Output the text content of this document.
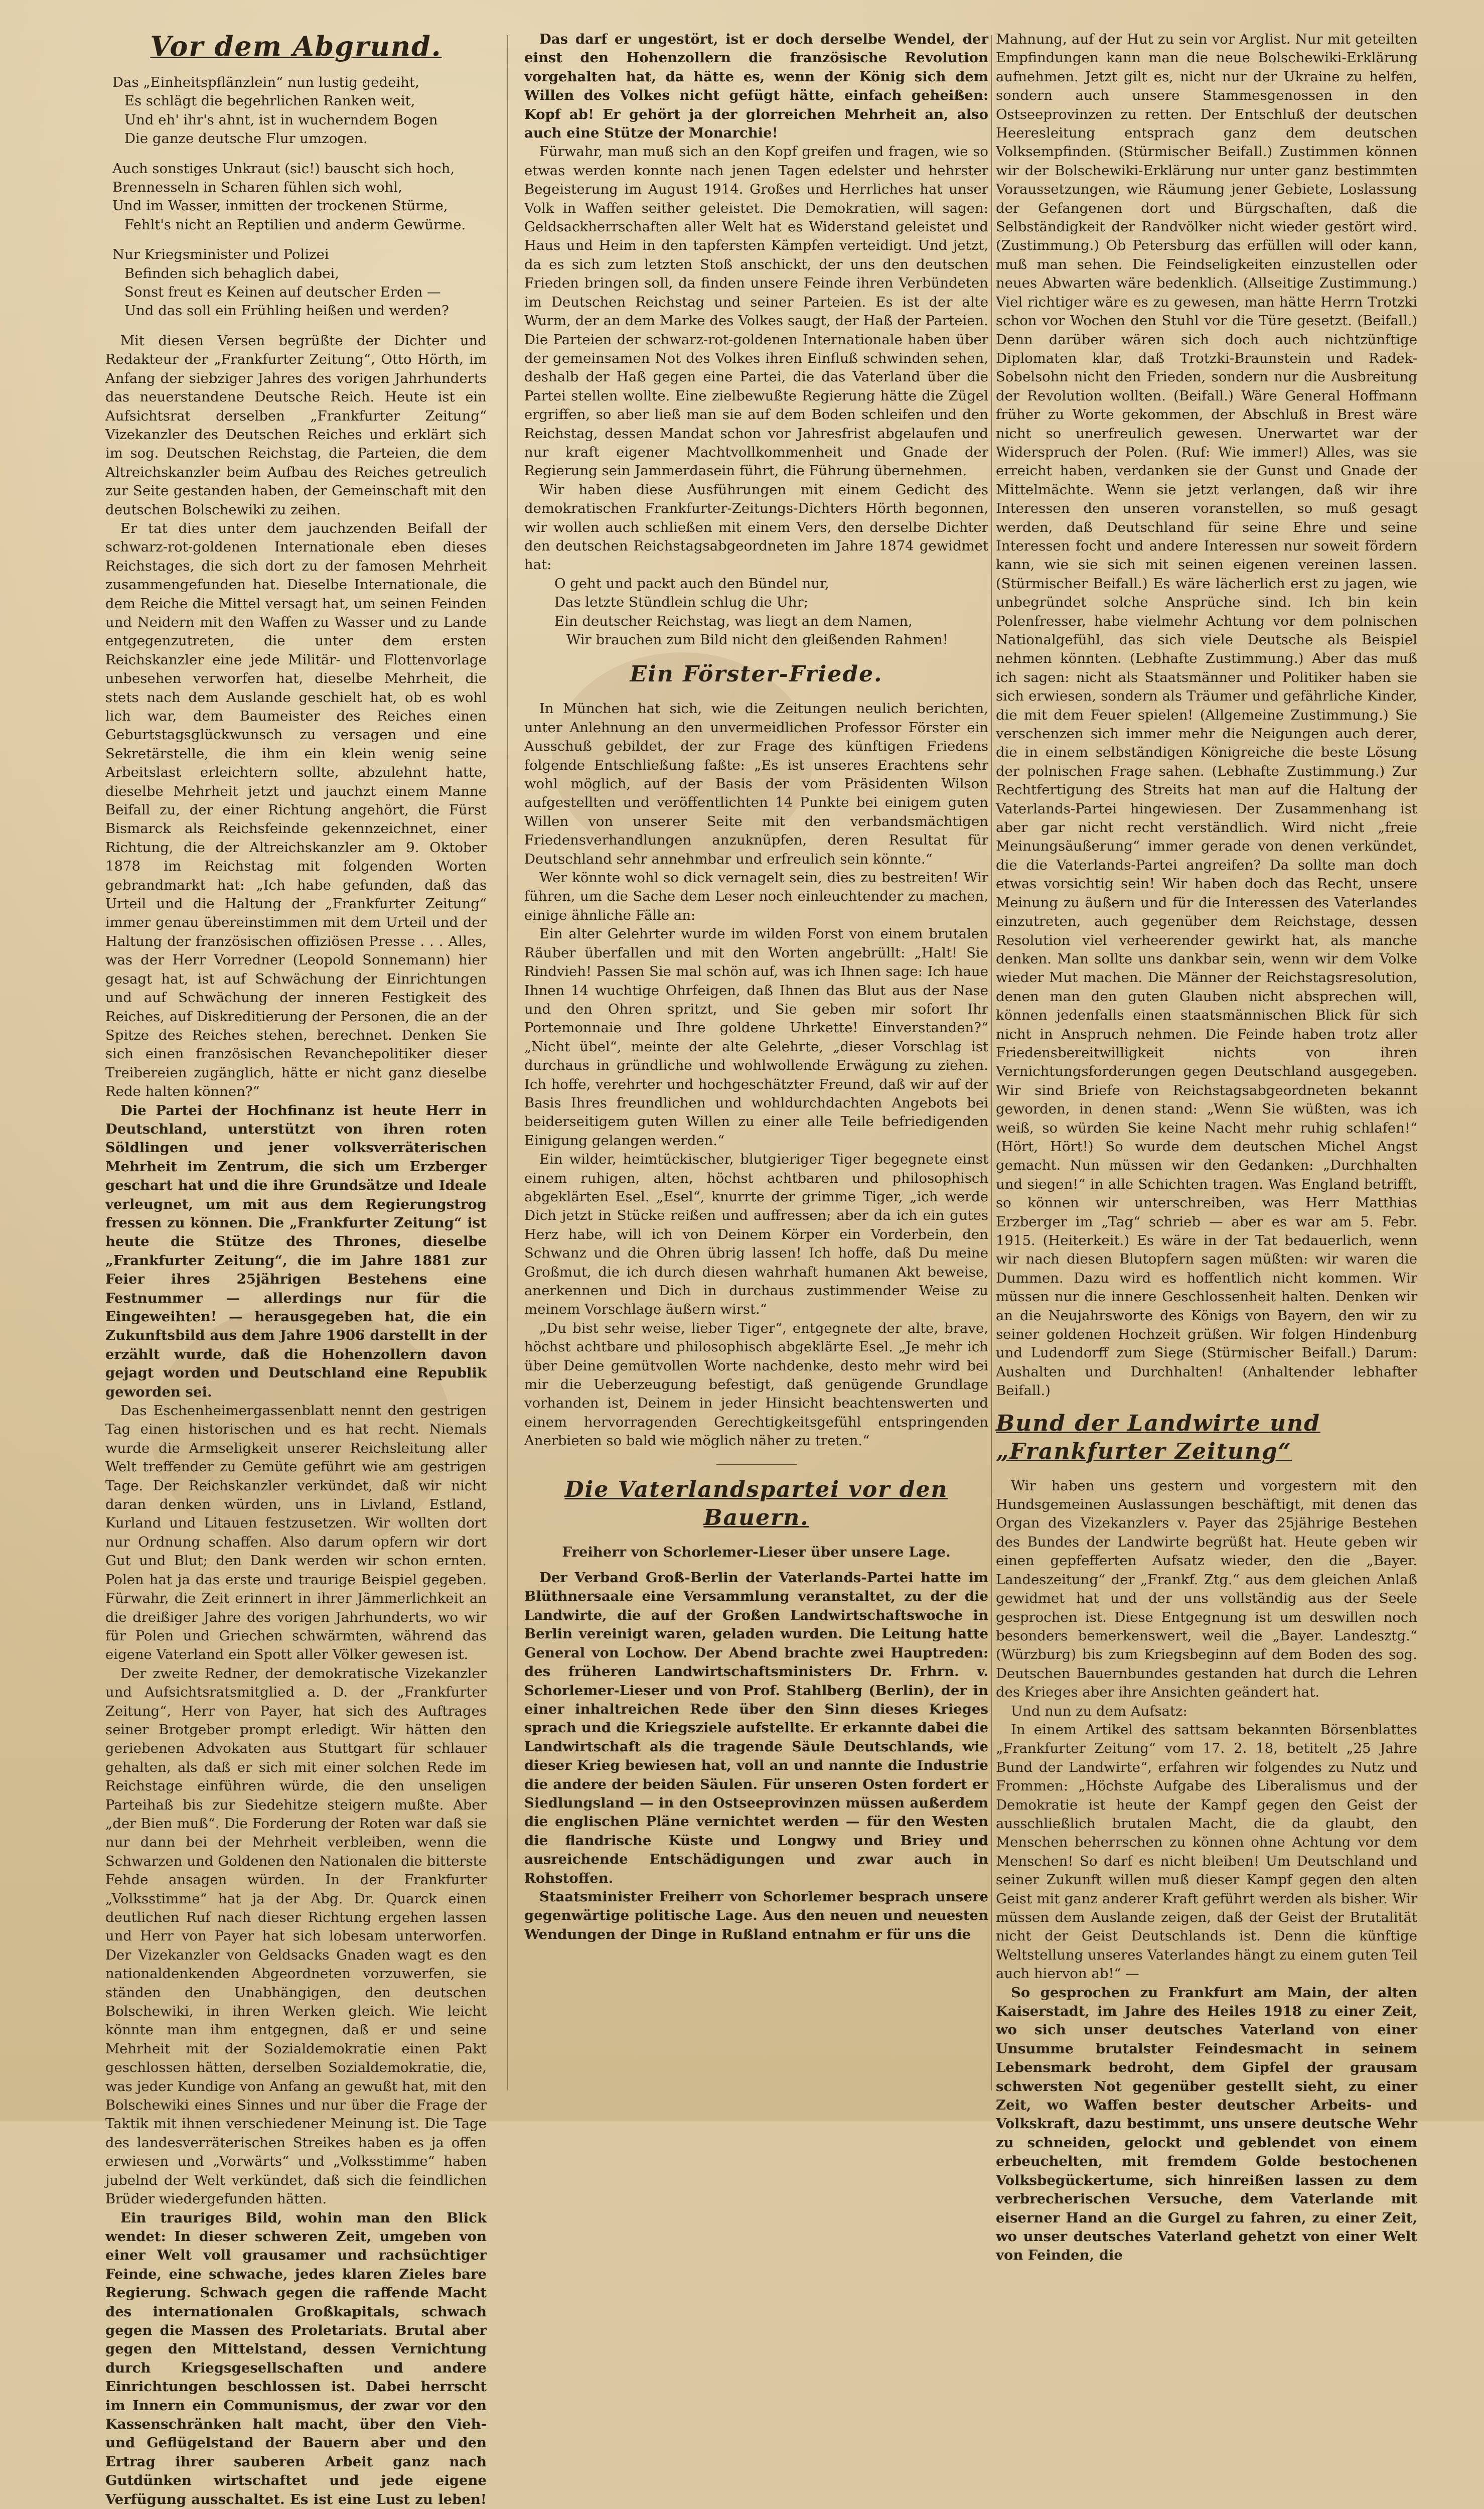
Vor dem Abgrund.

Das „Einheitspflänzlein“ nun lustig gedeiht,

Es schlägt die begehrlichen Ranken weit,

Und eh' ihr's ahnt, ist in wucherndem Bogen

Die ganze deutsche Flur umzogen.

Auch sonstiges Unkraut (sic!) bauscht sich hoch,

Brennesseln in Scharen fühlen sich wohl,

Und im Wasser, inmitten der trockenen Stürme,

Fehlt's nicht an Reptilien und anderm Gewürme.

Nur Kriegsminister und Polizei

Befinden sich behaglich dabei,

Sonst freut es Keinen auf deutscher Erden —

Und das soll ein Frühling heißen und werden?

Mit diesen Versen begrüßte der Dichter und Redakteur der „Frankfurter Zeitung“, Otto Hörth, im Anfang der siebziger Jahres des vorigen Jahrhunderts das neuerstandene Deutsche Reich. Heute ist ein Aufsichtsrat derselben „Frankfurter Zeitung“ Vizekanzler des Deutschen Reiches und erklärt sich im sog. Deutschen Reichstag, die Parteien, die dem Altreichskanzler beim Aufbau des Reiches getreulich zur Seite gestanden haben, der Gemeinschaft mit den deutschen Bolschewiki zu zeihen.

Er tat dies unter dem jauchzenden Beifall der schwarz-rot-goldenen Internationale eben dieses Reichstages, die sich dort zu der famosen Mehrheit zusammengefunden hat. Dieselbe Internationale, die dem Reiche die Mittel versagt hat, um seinen Feinden und Neidern mit den Waffen zu Wasser und zu Lande entgegenzutreten, die unter dem ersten Reichskanzler eine jede Militär- und Flottenvorlage unbesehen verworfen hat, dieselbe Mehrheit, die stets nach dem Auslande geschielt hat, ob es wohl lich war, dem Baumeister des Reiches einen Geburtstagsglückwunsch zu versagen und eine Sekretärstelle, die ihm ein klein wenig seine Arbeitslast erleichtern sollte, abzulehnt hatte, dieselbe Mehrheit jetzt und jauchzt einem Manne Beifall zu, der einer Richtung angehört, die Fürst Bismarck als Reichsfeinde gekennzeichnet, einer Richtung, die der Altreichskanzler am 9. Oktober 1878 im Reichstag mit folgenden Worten gebrandmarkt hat: „Ich habe gefunden, daß das Urteil und die Haltung der „Frankfurter Zeitung“ immer genau übereinstimmen mit dem Urteil und der Haltung der französischen offiziösen Presse . . . Alles, was der Herr Vorredner (Leopold Sonnemann) hier gesagt hat, ist auf Schwächung der Einrichtungen und auf Schwächung der inneren Festigkeit des Reiches, auf Diskreditierung der Personen, die an der Spitze des Reiches stehen, berechnet. Denken Sie sich einen französischen Revanchepolitiker dieser Treibereien zugänglich, hätte er nicht ganz dieselbe Rede halten können?“

Die Partei der Hochfinanz ist heute Herr in Deutschland, unterstützt von ihren roten Söldlingen und jener volksverräterischen Mehrheit im Zentrum, die sich um Erzberger geschart hat und die ihre Grundsätze und Ideale verleugnet, um mit aus dem Regierungstrog fressen zu können. Die „Frankfurter Zeitung“ ist heute die Stütze des Thrones, dieselbe „Frankfurter Zeitung“, die im Jahre 1881 zur Feier ihres 25jährigen Bestehens eine Festnummer — allerdings nur für die Eingeweihten! — herausgegeben hat, die ein Zukunftsbild aus dem Jahre 1906 darstellt in der erzählt wurde, daß die Hohenzollern davon gejagt worden und Deutschland eine Republik geworden sei.

Das Eschenheimergassenblatt nennt den gestrigen Tag einen historischen und es hat recht. Niemals wurde die Armseligkeit unserer Reichsleitung aller Welt treffender zu Gemüte geführt wie am gestrigen Tage. Der Reichskanzler verkündet, daß wir nicht daran denken würden, uns in Livland, Estland, Kurland und Litauen festzusetzen. Wir wollten dort nur Ordnung schaffen. Also darum opfern wir dort Gut und Blut; den Dank werden wir schon ernten. Polen hat ja das erste und traurige Beispiel gegeben. Fürwahr, die Zeit erinnert in ihrer Jämmerlichkeit an die dreißiger Jahre des vorigen Jahrhunderts, wo wir für Polen und Griechen schwärmten, während das eigene Vaterland ein Spott aller Völker gewesen ist.

Der zweite Redner, der demokratische Vizekanzler und Aufsichtsratsmitglied a. D. der „Frankfurter Zeitung“, Herr von Payer, hat sich des Auftrages seiner Brotgeber prompt erledigt. Wir hätten den geriebenen Advokaten aus Stuttgart für schlauer gehalten, als daß er sich mit einer solchen Rede im Reichstage einführen würde, die den unseligen Parteihaß bis zur Siedehitze steigern mußte. Aber „der Bien muß“. Die Forderung der Roten war daß sie nur dann bei der Mehrheit verbleiben, wenn die Schwarzen und Goldenen den Nationalen die bitterste Fehde ansagen würden. In der Frankfurter „Volksstimme“ hat ja der Abg. Dr. Quarck einen deutlichen Ruf nach dieser Richtung ergehen lassen und Herr von Payer hat sich lobesam unterworfen. Der Vizekanzler von Geldsacks Gnaden wagt es den nationaldenkenden Abgeordneten vorzuwerfen, sie ständen den Unabhängigen, den deutschen Bolschewiki, in ihren Werken gleich. Wie leicht könnte man ihm entgegnen, daß er und seine Mehrheit mit der Sozialdemokratie einen Pakt geschlossen hätten, derselben Sozialdemokratie, die, was jeder Kundige von Anfang an gewußt hat, mit den Bolschewiki eines Sinnes und nur über die Frage der Taktik mit ihnen verschiedener Meinung ist. Die Tage des landesverräterischen Streikes haben es ja offen erwiesen und „Vorwärts“ und „Volksstimme“ haben jubelnd der Welt verkündet, daß sich die feindlichen Brüder wiedergefunden hätten.

Ein trauriges Bild, wohin man den Blick wendet: In dieser schweren Zeit, umgeben von einer Welt voll grausamer und rachsüchtiger Feinde, eine schwache, jedes klaren Zieles bare Regierung. Schwach gegen die raffende Macht des internationalen Großkapitals, schwach gegen die Massen des Proletariats. Brutal aber gegen den Mittelstand, dessen Vernichtung durch Kriegsgesellschaften und andere Einrichtungen beschlossen ist. Dabei herrscht im Innern ein Communismus, der zwar vor den Kassenschränken halt macht, über den Vieh- und Geflügelstand der Bauern aber und den Ertrag ihrer sauberen Arbeit ganz nach Gutdünken wirtschaftet und jede eigene Verfügung ausschaltet. Es ist eine Lust zu leben!

Das darf er ungestört, ist er doch derselbe Wendel, der einst den Hohenzollern die französische Revolution vorgehalten hat, da hätte es, wenn der König sich dem Willen des Volkes nicht gefügt hätte, einfach geheißen: Kopf ab! Er gehört ja der glorreichen Mehrheit an, also auch eine Stütze der Monarchie!

Fürwahr, man muß sich an den Kopf greifen und fragen, wie so etwas werden konnte nach jenen Tagen edelster und hehrster Begeisterung im August 1914. Großes und Herrliches hat unser Volk in Waffen seither geleistet. Die Demokratien, will sagen: Geldsackherrschaften aller Welt hat es Widerstand geleistet und Haus und Heim in den tapfersten Kämpfen verteidigt. Und jetzt, da es sich zum letzten Stoß anschickt, der uns den deutschen Frieden bringen soll, da finden unsere Feinde ihren Verbündeten im Deutschen Reichstag und seiner Parteien. Es ist der alte Wurm, der an dem Marke des Volkes saugt, der Haß der Parteien. Die Parteien der schwarz-rot-goldenen Internationale haben über der gemeinsamen Not des Volkes ihren Einfluß schwinden sehen, deshalb der Haß gegen eine Partei, die das Vaterland über die Partei stellen wollte. Eine zielbewußte Regierung hätte die Zügel ergriffen, so aber ließ man sie auf dem Boden schleifen und den Reichstag, dessen Mandat schon vor Jahresfrist abgelaufen und nur kraft eigener Machtvollkommenheit und Gnade der Regierung sein Jammerdasein führt, die Führung übernehmen.

Wir haben diese Ausführungen mit einem Gedicht des demokratischen Frankfurter-Zeitungs-Dichters Hörth begonnen, wir wollen auch schließen mit einem Vers, den derselbe Dichter den deutschen Reichstagsabgeordneten im Jahre 1874 gewidmet hat:

O geht und packt auch den Bündel nur,

Das letzte Stündlein schlug die Uhr;

Ein deutscher Reichstag, was liegt an dem Namen,

Wir brauchen zum Bild nicht den gleißenden Rahmen!

Ein Förster-Friede.

In München hat sich, wie die Zeitungen neulich berichten, unter Anlehnung an den unvermeidlichen Professor Förster ein Ausschuß gebildet, der zur Frage des künftigen Friedens folgende Entschließung faßte: „Es ist unseres Erachtens sehr wohl möglich, auf der Basis der vom Präsidenten Wilson aufgestellten und veröffentlichten 14 Punkte bei einigem guten Willen von unserer Seite mit den verbandsmächtigen Friedensverhandlungen anzuknüpfen, deren Resultat für Deutschland sehr annehmbar und erfreulich sein könnte.“

Wer könnte wohl so dick vernagelt sein, dies zu bestreiten! Wir führen, um die Sache dem Leser noch einleuchtender zu machen, einige ähnliche Fälle an:

Ein alter Gelehrter wurde im wilden Forst von einem brutalen Räuber überfallen und mit den Worten angebrüllt: „Halt! Sie Rindvieh! Passen Sie mal schön auf, was ich Ihnen sage: Ich haue Ihnen 14 wuchtige Ohrfeigen, daß Ihnen das Blut aus der Nase und den Ohren spritzt, und Sie geben mir sofort Ihr Portemonnaie und Ihre goldene Uhrkette! Einverstanden?“ „Nicht übel“, meinte der alte Gelehrte, „dieser Vorschlag ist durchaus in gründliche und wohlwollende Erwägung zu ziehen. Ich hoffe, verehrter und hochgeschätzter Freund, daß wir auf der Basis Ihres freundlichen und wohldurchdachten Angebots bei beiderseitigem guten Willen zu einer alle Teile befriedigenden Einigung gelangen werden.“

Ein wilder, heimtückischer, blutgieriger Tiger begegnete einst einem ruhigen, alten, höchst achtbaren und philosophisch abgeklärten Esel. „Esel“, knurrte der grimme Tiger, „ich werde Dich jetzt in Stücke reißen und auffressen; aber da ich ein gutes Herz habe, will ich von Deinem Körper ein Vorderbein, den Schwanz und die Ohren übrig lassen! Ich hoffe, daß Du meine Großmut, die ich durch diesen wahrhaft humanen Akt beweise, anerkennen und Dich in durchaus zustimmender Weise zu meinem Vorschlage äußern wirst.“

„Du bist sehr weise, lieber Tiger“, entgegnete der alte, brave, höchst achtbare und philosophisch abgeklärte Esel. „Je mehr ich über Deine gemütvollen Worte nachdenke, desto mehr wird bei mir die Ueberzeugung befestigt, daß genügende Grundlage vorhanden ist, Deinem in jeder Hinsicht beachtenswerten und einem hervorragenden Gerechtigkeitsgefühl entspringenden Anerbieten so bald wie möglich näher zu treten.“

Die Vaterlandspartei vor den Bauern.
Freiherr von Schorlemer-Lieser über unsere Lage.

Der Verband Groß-Berlin der Vaterlands-Partei hatte im Blüthnersaale eine Versammlung veranstaltet, zu der die Landwirte, die auf der Großen Landwirtschaftswoche in Berlin vereinigt waren, geladen wurden. Die Leitung hatte General von Lochow. Der Abend brachte zwei Hauptreden: des früheren Landwirtschaftsministers Dr. Frhrn. v. Schorlemer-Lieser und von Prof. Stahlberg (Berlin), der in einer inhaltreichen Rede über den Sinn dieses Krieges sprach und die Kriegsziele aufstellte. Er erkannte dabei die Landwirtschaft als die tragende Säule Deutschlands, wie dieser Krieg bewiesen hat, voll an und nannte die Industrie die andere der beiden Säulen. Für unseren Osten fordert er Siedlungsland — in den Ostseeprovinzen müssen außerdem die englischen Pläne vernichtet werden — für den Westen die flandrische Küste und Longwy und Briey und ausreichende Entschädigungen und zwar auch in Rohstoffen.

Staatsminister Freiherr von Schorlemer besprach unsere gegenwärtige politische Lage. Aus den neuen und neuesten Wendungen der Dinge in Rußland entnahm er für uns die

Mahnung, auf der Hut zu sein vor Arglist. Nur mit geteilten Empfindungen kann man die neue Bolschewiki-Erklärung aufnehmen. Jetzt gilt es, nicht nur der Ukraine zu helfen, sondern auch unsere Stammesgenossen in den Ostseeprovinzen zu retten. Der Entschluß der deutschen Heeresleitung entsprach ganz dem deutschen Volksempfinden. (Stürmischer Beifall.) Zustimmen können wir der Bolschewiki-Erklärung nur unter ganz bestimmten Voraussetzungen, wie Räumung jener Gebiete, Loslassung der Gefangenen dort und Bürgschaften, daß die Selbständigkeit der Randvölker nicht wieder gestört wird. (Zustimmung.) Ob Petersburg das erfüllen will oder kann, muß man sehen. Die Feindseligkeiten einzustellen oder neues Abwarten wäre bedenklich. (Allseitige Zustimmung.) Viel richtiger wäre es zu gewesen, man hätte Herrn Trotzki schon vor Wochen den Stuhl vor die Türe gesetzt. (Beifall.) Denn darüber wären sich doch auch nichtzünftige Diplomaten klar, daß Trotzki-Braunstein und Radek-Sobelsohn nicht den Frieden, sondern nur die Ausbreitung der Revolution wollten. (Beifall.) Wäre General Hoffmann früher zu Worte gekommen, der Abschluß in Brest wäre nicht so unerfreulich gewesen. Unerwartet war der Widerspruch der Polen. (Ruf: Wie immer!) Alles, was sie erreicht haben, verdanken sie der Gunst und Gnade der Mittelmächte. Wenn sie jetzt verlangen, daß wir ihre Interessen den unseren voranstellen, so muß gesagt werden, daß Deutschland für seine Ehre und seine Interessen focht und andere Interessen nur soweit fördern kann, wie sie sich mit seinen eigenen vereinen lassen. (Stürmischer Beifall.) Es wäre lächerlich erst zu jagen, wie unbegründet solche Ansprüche sind. Ich bin kein Polenfresser, habe vielmehr Achtung vor dem polnischen Nationalgefühl, das sich viele Deutsche als Beispiel nehmen könnten. (Lebhafte Zustimmung.) Aber das muß ich sagen: nicht als Staatsmänner und Politiker haben sie sich erwiesen, sondern als Träumer und gefährliche Kinder, die mit dem Feuer spielen! (Allgemeine Zustimmung.) Sie verschenzen sich immer mehr die Neigungen auch derer, die in einem selbständigen Königreiche die beste Lösung der polnischen Frage sahen. (Lebhafte Zustimmung.) Zur Rechtfertigung des Streits hat man auf die Haltung der Vaterlands-Partei hingewiesen. Der Zusammenhang ist aber gar nicht recht verständlich. Wird nicht „freie Meinungsäußerung“ immer gerade von denen verkündet, die die Vaterlands-Partei angreifen? Da sollte man doch etwas vorsichtig sein! Wir haben doch das Recht, unsere Meinung zu äußern und für die Interessen des Vaterlandes einzutreten, auch gegenüber dem Reichstage, dessen Resolution viel verheerender gewirkt hat, als manche denken. Man sollte uns dankbar sein, wenn wir dem Volke wieder Mut machen. Die Männer der Reichstagsresolution, denen man den guten Glauben nicht absprechen will, können jedenfalls einen staatsmännischen Blick für sich nicht in Anspruch nehmen. Die Feinde haben trotz aller Friedensbereitwilligkeit nichts von ihren Vernichtungsforderungen gegen Deutschland ausgegeben. Wir sind Briefe von Reichstagsabgeordneten bekannt geworden, in denen stand: „Wenn Sie wüßten, was ich weiß, so würden Sie keine Nacht mehr ruhig schlafen!“ (Hört, Hört!) So wurde dem deutschen Michel Angst gemacht. Nun müssen wir den Gedanken: „Durchhalten und siegen!“ in alle Schichten tragen. Was England betrifft, so können wir unterschreiben, was Herr Matthias Erzberger im „Tag“ schrieb — aber es war am 5. Febr. 1915. (Heiterkeit.) Es wäre in der Tat bedauerlich, wenn wir nach diesen Blutopfern sagen müßten: wir waren die Dummen. Dazu wird es hoffentlich nicht kommen. Wir müssen nur die innere Geschlossenheit halten. Denken wir an die Neujahrsworte des Königs von Bayern, den wir zu seiner goldenen Hochzeit grüßen. Wir folgen Hindenburg und Ludendorff zum Siege (Stürmischer Beifall.) Darum: Aushalten und Durchhalten! (Anhaltender lebhafter Beifall.)

Bund der Landwirte und „Frankfurter Zeitung“

Wir haben uns gestern und vorgestern mit den Hundsgemeinen Auslassungen beschäftigt, mit denen das Organ des Vizekanzlers v. Payer das 25jährige Bestehen des Bundes der Landwirte begrüßt hat. Heute geben wir einen gepfefferten Aufsatz wieder, den die „Bayer. Landeszeitung“ der „Frankf. Ztg.“ aus dem gleichen Anlaß gewidmet hat und der uns vollständig aus der Seele gesprochen ist. Diese Entgegnung ist um deswillen noch besonders bemerkenswert, weil die „Bayer. Landesztg.“ (Würzburg) bis zum Kriegsbeginn auf dem Boden des sog. Deutschen Bauernbundes gestanden hat durch die Lehren des Krieges aber ihre Ansichten geändert hat.

Und nun zu dem Aufsatz:

In einem Artikel des sattsam bekannten Börsenblattes „Frankfurter Zeitung“ vom 17. 2. 18, betitelt „25 Jahre Bund der Landwirte“, erfahren wir folgendes zu Nutz und Frommen: „Höchste Aufgabe des Liberalismus und der Demokratie ist heute der Kampf gegen den Geist der ausschließlich brutalen Macht, die da glaubt, den Menschen beherrschen zu können ohne Achtung vor dem Menschen! So darf es nicht bleiben! Um Deutschland und seiner Zukunft willen muß dieser Kampf gegen den alten Geist mit ganz anderer Kraft geführt werden als bisher. Wir müssen dem Auslande zeigen, daß der Geist der Brutalität nicht der Geist Deutschlands ist. Denn die künftige Weltstellung unseres Vaterlandes hängt zu einem guten Teil auch hiervon ab!“ —

So gesprochen zu Frankfurt am Main, der alten Kaiserstadt, im Jahre des Heiles 1918 zu einer Zeit, wo sich unser deutsches Vaterland von einer Unsumme brutalster Feindesmacht in seinem Lebensmark bedroht, dem Gipfel der grausam schwersten Not gegenüber gestellt sieht, zu einer Zeit, wo Waffen bester deutscher Arbeits- und Volkskraft, dazu bestimmt, uns unsere deutsche Wehr zu schneiden, gelockt und geblendet von einem erbeuchelten, mit fremdem Golde bestochenen Volksbegückertume, sich hinreißen lassen zu dem verbrecherischen Versuche, dem Vaterlande mit eiserner Hand an die Gurgel zu fahren, zu einer Zeit, wo unser deutsches Vaterland gehetzt von einer Welt von Feinden, die
